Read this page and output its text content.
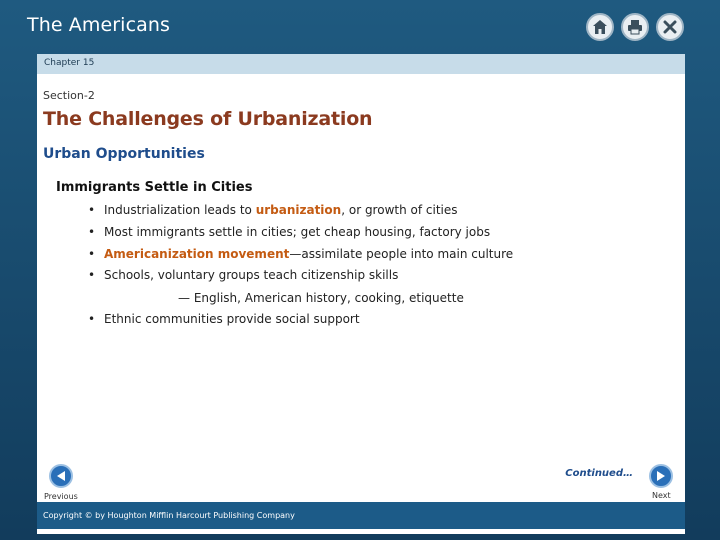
The Americans
Chapter 15
Section-2
The Challenges of Urbanization
Urban Opportunities
Immigrants Settle in Cities
• Industrialization leads to urbanization, or growth of cities
• Most immigrants settle in cities; get cheap housing, factory jobs
• Americanization movement—assimilate people into main culture
• Schools, voluntary groups teach citizenship skills
— English, American history, cooking, etiquette
• Ethnic communities provide social support
Continued…
Previous	Next
Copyright © by Houghton Mifflin Harcourt Publishing Company
